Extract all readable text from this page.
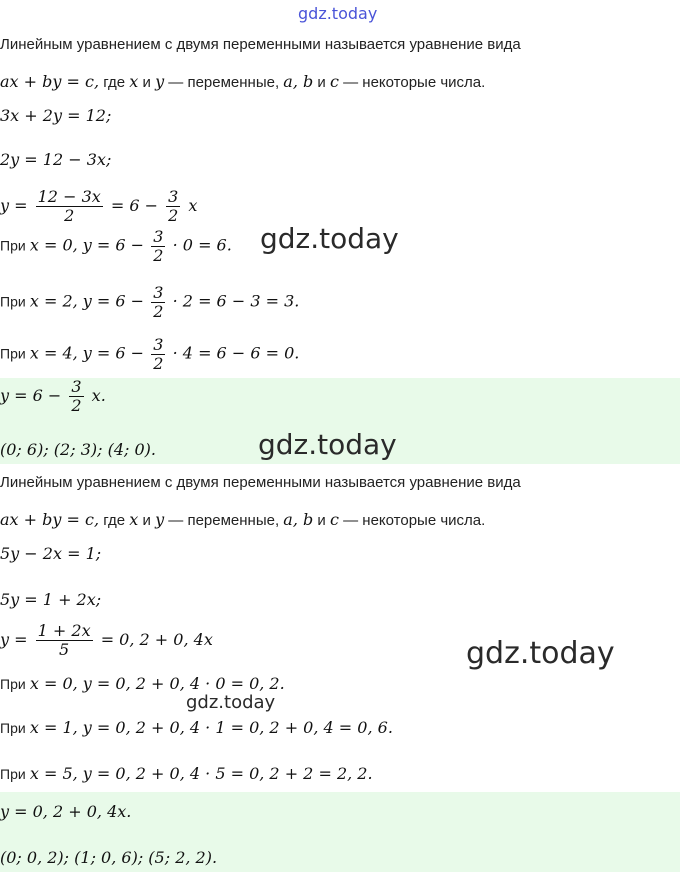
gdz.today
Линейным уравнением с двумя переменными называется уравнение вида
ax + by = c, где x и y — переменные, a, b и c — некоторые числа.
3x + 2y = 12;
2y = 12 − 3x;
$y = \frac{12 - 3x}{2} = 6 - \frac{3}{2}$ x
При x = 0, $y = 6 - \frac{3}{2} \cdot 0 = 6$.
При x = 2, $y = 6 - \frac{3}{2} \cdot 2 = 6 - 3 = 3$.
При x = 4, $y = 6 - \frac{3}{2} \cdot 4 = 6 - 6 = 0$.
$y = 6 - \frac{3}{2} x$.
(0; 6); (2; 3); (4; 0).
Линейным уравнением с двумя переменными называется уравнение вида
ax + by = c, где x и y — переменные, a, b и c — некоторые числа.
5y − 2x = 1;
5y = 1 + 2x;
$y = \frac{1 + 2x}{5} = 0$, 2 + 0, 4x
При x = 0, y = 0, 2 + 0, 4 · 0 = 0, 2.
При x = 1, y = 0, 2 + 0, 4 · 1 = 0, 2 + 0, 4 = 0, 6.
При x = 5, y = 0, 2 + 0, 4 · 5 = 0, 2 + 2 = 2, 2.
y = 0, 2 + 0, 4x.
(0; 0, 2); (1; 0, 6); (5; 2, 2).
gdz.today
gdz.today
gdz.today
gdz.today
